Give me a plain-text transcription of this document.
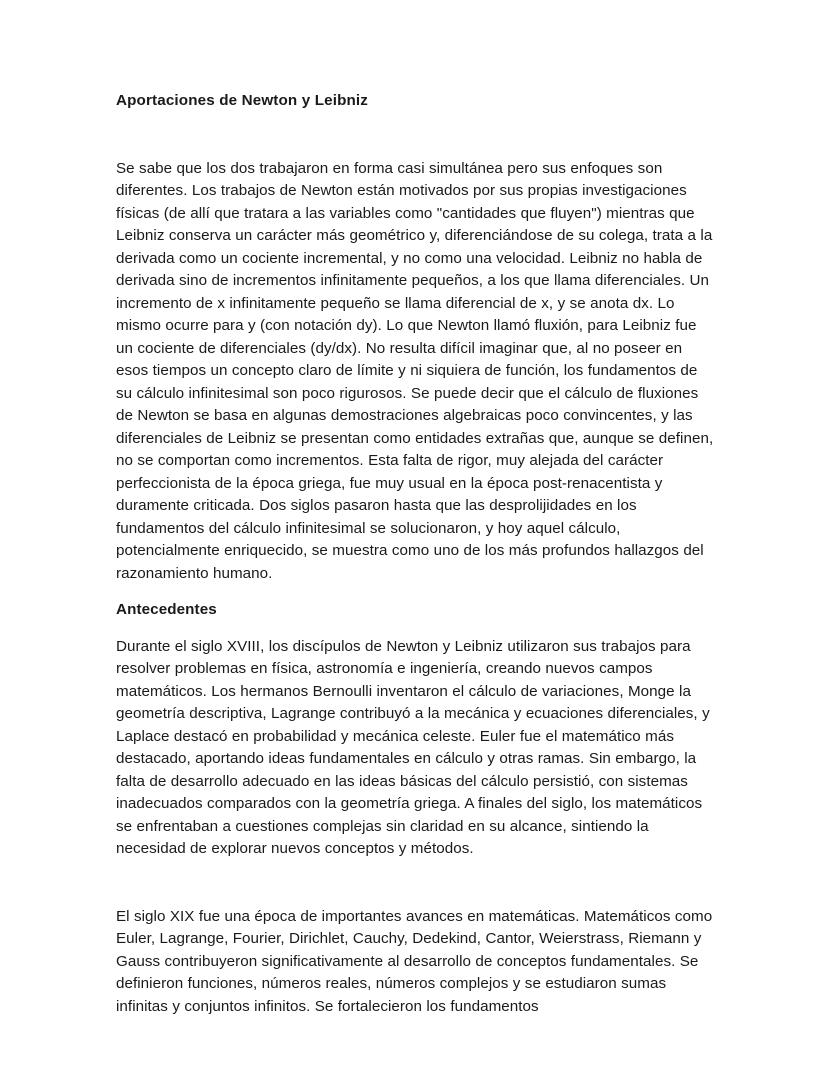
Aportaciones de Newton y Leibniz

Se sabe que los dos trabajaron en forma casi simultánea pero sus enfoques son diferentes. Los trabajos de Newton están motivados por sus propias investigaciones físicas (de allí que tratara a las variables como "cantidades que fluyen") mientras que Leibniz conserva un carácter más geométrico y, diferenciándose de su colega, trata a la derivada como un cociente incremental, y no como una velocidad. Leibniz no habla de derivada sino de incrementos infinitamente pequeños, a los que llama diferenciales. Un incremento de x infinitamente pequeño se llama diferencial de x, y se anota dx. Lo mismo ocurre para y (con notación dy). Lo que Newton llamó fluxión, para Leibniz fue un cociente de diferenciales (dy/dx). No resulta difícil imaginar que, al no poseer en esos tiempos un concepto claro de límite y ni siquiera de función, los fundamentos de su cálculo infinitesimal son poco rigurosos. Se puede decir que el cálculo de fluxiones de Newton se basa en algunas demostraciones algebraicas poco convincentes, y las diferenciales de Leibniz se presentan como entidades extrañas que, aunque se definen, no se comportan como incrementos. Esta falta de rigor, muy alejada del carácter perfeccionista de la época griega, fue muy usual en la época post-renacentista y duramente criticada. Dos siglos pasaron hasta que las desprolijidades en los fundamentos del cálculo infinitesimal se solucionaron, y hoy aquel cálculo, potencialmente enriquecido, se muestra como uno de los más profundos hallazgos del razonamiento humano.

Antecedentes

Durante el siglo XVIII, los discípulos de Newton y Leibniz utilizaron sus trabajos para resolver problemas en física, astronomía e ingeniería, creando nuevos campos matemáticos. Los hermanos Bernoulli inventaron el cálculo de variaciones, Monge la geometría descriptiva, Lagrange contribuyó a la mecánica y ecuaciones diferenciales, y Laplace destacó en probabilidad y mecánica celeste. Euler fue el matemático más destacado, aportando ideas fundamentales en cálculo y otras ramas. Sin embargo, la falta de desarrollo adecuado en las ideas básicas del cálculo persistió, con sistemas inadecuados comparados con la geometría griega. A finales del siglo, los matemáticos se enfrentaban a cuestiones complejas sin claridad en su alcance, sintiendo la necesidad de explorar nuevos conceptos y métodos.

El siglo XIX fue una época de importantes avances en matemáticas. Matemáticos como Euler, Lagrange, Fourier, Dirichlet, Cauchy, Dedekind, Cantor, Weierstrass, Riemann y Gauss contribuyeron significativamente al desarrollo de conceptos fundamentales. Se definieron funciones, números reales, números complejos y se estudiaron sumas infinitas y conjuntos infinitos. Se fortalecieron los fundamentos
